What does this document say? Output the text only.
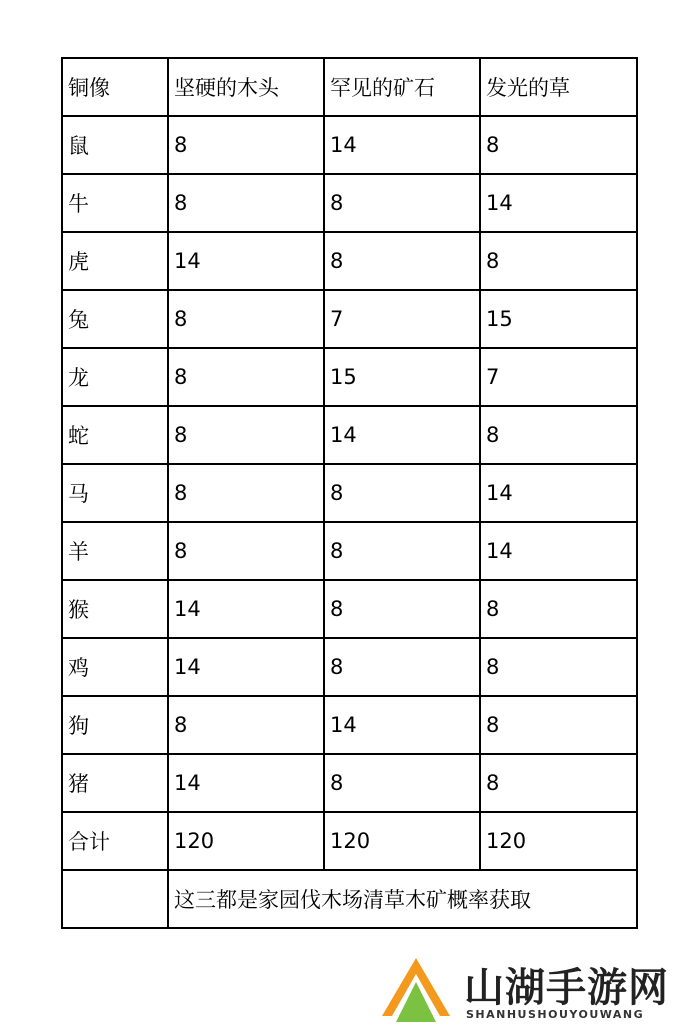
铜像	坚硬的木头	罕见的矿石	发光的草
鼠	8	14	8
牛	8	8	14
虎	14	8	8
兔	8	7	15
龙	8	15	7
蛇	8	14	8
马	8	8	14
羊	8	8	14
猴	14	8	8
鸡	14	8	8
狗	8	14	8
猪	14	8	8
合计	120	120	120
	这三都是家园伐木场清草木矿概率获取		
山湖手游网
SHANHUSHOUYOUWANG
